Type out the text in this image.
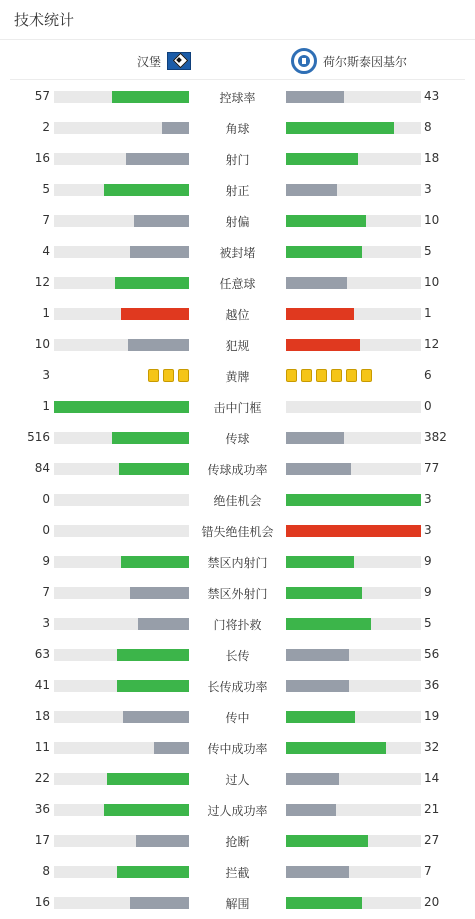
技术统计
汉堡	荷尔斯泰因基尔
57	控球率	43
2	角球	8
16	射门	18
5	射正	3
7	射偏	10
4	被封堵	5
12	任意球	10
1	越位	1
10	犯规	12
3	黄牌	6
1	击中门框	0
516	传球	382
84	传球成功率	77
0	绝佳机会	3
0	错失绝佳机会	3
9	禁区内射门	9
7	禁区外射门	9
3	门将扑救	5
63	长传	56
41	长传成功率	36
18	传中	19
11	传中成功率	32
22	过人	14
36	过人成功率	21
17	抢断	27
8	拦截	7
16	解围	20
